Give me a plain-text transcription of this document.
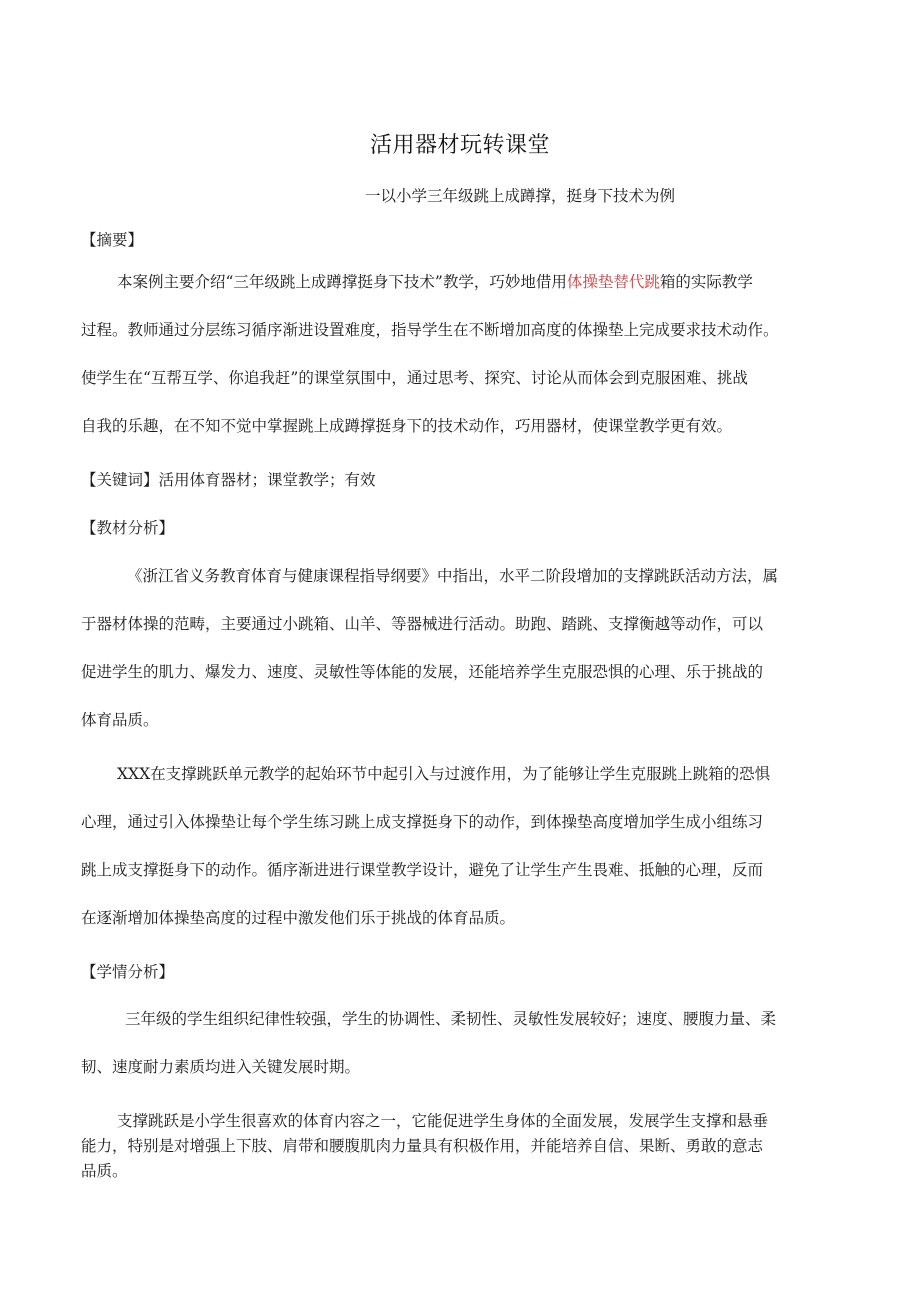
活用器材玩转课堂
一以小学三年级跳上成蹲撑，挺身下技术为例
【摘要】
本案例主要介绍“三年级跳上成蹲撑挺身下技术”教学，巧妙地借用体操垫替代跳箱的实际教学
过程。教师通过分层练习循序渐进设置难度，指导学生在不断增加高度的体操垫上完成要求技术动作。
使学生在“互帮互学、你追我赶”的课堂氛围中，通过思考、探究、讨论从而体会到克服困难、挑战
自我的乐趣，在不知不觉中掌握跳上成蹲撑挺身下的技术动作，巧用器材，使课堂教学更有效。
【关键词】活用体育器材；课堂教学；有效
【教材分析】
《浙江省义务教育体育与健康课程指导纲要》中指出，水平二阶段增加的支撑跳跃活动方法，属
于器材体操的范畴，主要通过小跳箱、山羊、等器械进行活动。助跑、踏跳、支撑衡越等动作，可以
促进学生的肌力、爆发力、速度、灵敏性等体能的发展，还能培养学生克服恐惧的心理、乐于挑战的
体育品质。
XXX在支撑跳跃单元教学的起始环节中起引入与过渡作用，为了能够让学生克服跳上跳箱的恐惧
心理，通过引入体操垫让每个学生练习跳上成支撑挺身下的动作，到体操垫高度增加学生成小组练习
跳上成支撑挺身下的动作。循序渐进进行课堂教学设计，避免了让学生产生畏难、抵触的心理，反而
在逐渐增加体操垫高度的过程中激发他们乐于挑战的体育品质。
【学情分析】
三年级的学生组织纪律性较强，学生的协调性、柔韧性、灵敏性发展较好；速度、腰腹力量、柔
韧、速度耐力素质均进入关键发展时期。
支撑跳跃是小学生很喜欢的体育内容之一，它能促进学生身体的全面发展，发展学生支撑和悬垂
能力，特别是对增强上下肢、肩带和腰腹肌肉力量具有积极作用，并能培养自信、果断、勇敢的意志
品质。
